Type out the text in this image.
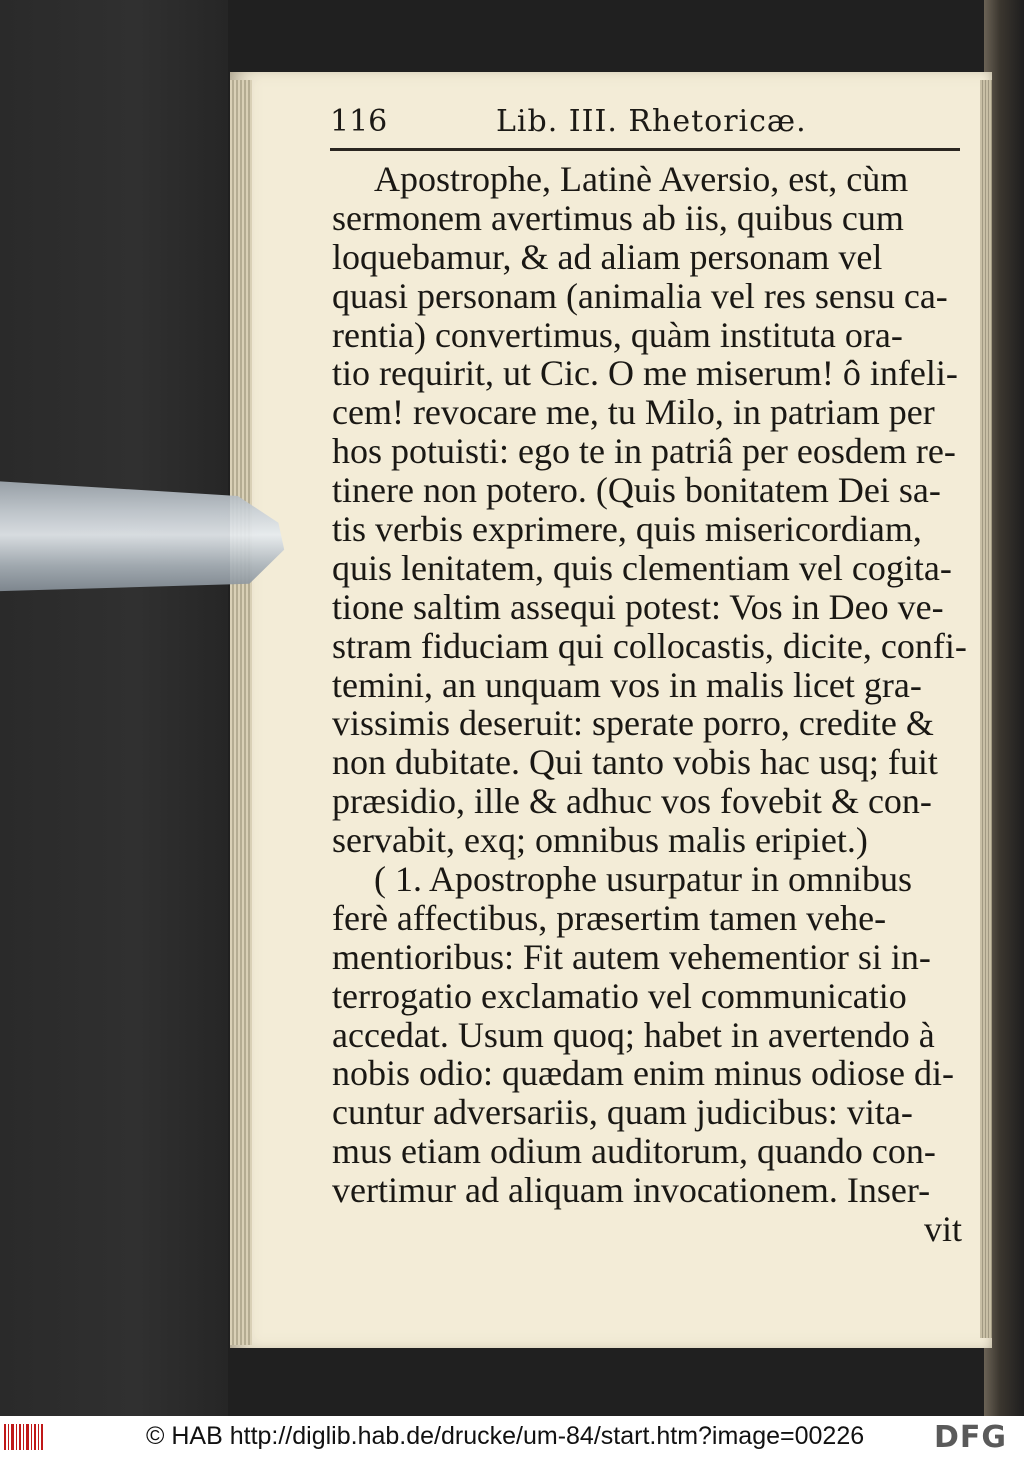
116	Lib. III. Rhetoricæ.
Apostrophe, Latinè Aversio, est, cùm
sermonem avertimus ab iis, quibus cum
loquebamur, & ad aliam personam vel
quasi personam (animalia vel res sensu ca-
rentia) convertimus, quàm instituta ora-
tio requirit, ut Cic. O me miserum! ô infeli-
cem! revocare me, tu Milo, in patriam per
hos potuisti: ego te in patriâ per eosdem re-
tinere non potero. (Quis bonitatem Dei sa-
tis verbis exprimere, quis misericordiam,
quis lenitatem, quis clementiam vel cogita-
tione saltim assequi potest: Vos in Deo ve-
stram fiduciam qui collocastis, dicite, confi-
temini, an unquam vos in malis licet gra-
vissimis deseruit: sperate porro, credite &
non dubitate. Qui tanto vobis hac usq; fuit
præsidio, ille & adhuc vos fovebit & con-
servabit, exq; omnibus malis eripiet.)
( 1. Apostrophe usurpatur in omnibus
ferè affectibus, præsertim tamen vehe-
mentioribus: Fit autem vehementior si in-
terrogatio exclamatio vel communicatio
accedat. Usum quoq; habet in avertendo à
nobis odio: quædam enim minus odiose di-
cuntur adversariis, quam judicibus: vita-
mus etiam odium auditorum, quando con-
vertimur ad aliquam invocationem. Inser-
vit
© HAB http://diglib.hab.de/drucke/um-84/start.htm?image=00226 DFG
